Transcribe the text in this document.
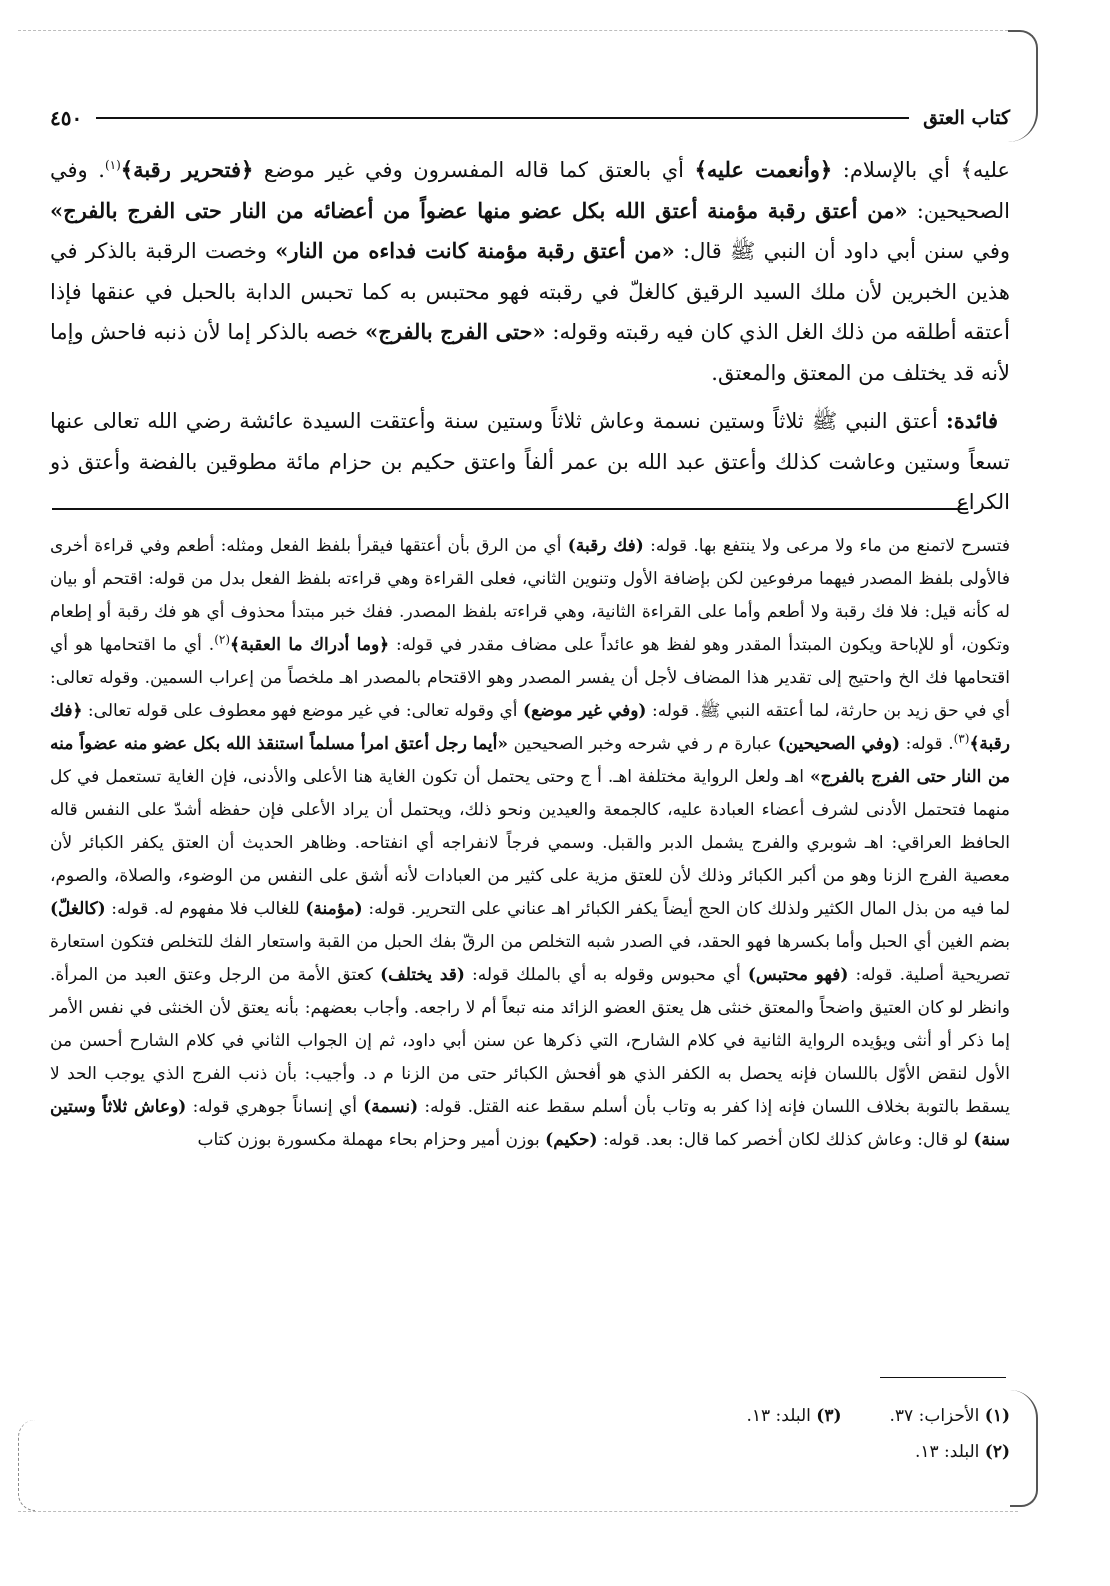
كتاب العتق
٤٥٠

عليه﴾ أي بالإسلام: ﴿وأنعمت عليه﴾ أي بالعتق كما قاله المفسرون وفي غير موضع ﴿فتحرير رقبة﴾$^{(١)}$. وفي الصحيحين: «من أعتق رقبة مؤمنة أعتق الله بكل عضو منها عضواً من أعضائه من النار حتى الفرج بالفرج» وفي سنن أبي داود أن النبي ﷺ قال: «من أعتق رقبة مؤمنة كانت فداءه من النار» وخصت الرقبة بالذكر في هذين الخبرين لأن ملك السيد الرقيق كالغلّ في رقبته فهو محتبس به كما تحبس الدابة بالحبل في عنقها فإذا أعتقه أطلقه من ذلك الغل الذي كان فيه رقبته وقوله: «حتى الفرج بالفرج» خصه بالذكر إما لأن ذنبه فاحش وإما لأنه قد يختلف من المعتق والمعتق.

فائدة: أعتق النبي ﷺ ثلاثاً وستين نسمة وعاش ثلاثاً وستين سنة وأعتقت السيدة عائشة رضي الله تعالى عنها تسعاً وستين وعاشت كذلك وأعتق عبد الله بن عمر ألفاً واعتق حكيم بن حزام مائة مطوقين بالفضة وأعتق ذو الكراع

فتسرح لاتمنع من ماء ولا مرعى ولا ينتفع بها. قوله: (فك رقبة) أي من الرق بأن أعتقها فيقرأ بلفظ الفعل ومثله: أطعم وفي قراءة أخرى فالأولى بلفظ المصدر فيهما مرفوعين لكن بإضافة الأول وتنوين الثاني، فعلى القراءة وهي قراءته بلفظ الفعل بدل من قوله: اقتحم أو بيان له كأنه قيل: فلا فك رقبة ولا أطعم وأما على القراءة الثانية، وهي قراءته بلفظ المصدر. ففك خبر مبتدأ محذوف أي هو فك رقبة أو إطعام وتكون، أو للإباحة ويكون المبتدأ المقدر وهو لفظ هو عائداً على مضاف مقدر في قوله: ﴿وما أدراك ما العقبة﴾$^{(٢)}$. أي ما اقتحامها هو أي اقتحامها فك الخ واحتيج إلى تقدير هذا المضاف لأجل أن يفسر المصدر وهو الاقتحام بالمصدر اهـ ملخصاً من إعراب السمين. وقوله تعالى: أي في حق زيد بن حارثة، لما أعتقه النبي ﷺ. قوله: (وفي غير موضع) أي وقوله تعالى: في غير موضع فهو معطوف على قوله تعالى: ﴿فك رقبة﴾$^{(٣)}$. قوله: (وفي الصحيحين) عبارة م ر في شرحه وخبر الصحيحين «أيما رجل أعتق امرأ مسلماً استنقذ الله بكل عضو منه عضواً منه من النار حتى الفرج بالفرج» اهـ ولعل الرواية مختلفة اهـ. أ ج وحتى يحتمل أن تكون الغاية هنا الأعلى والأدنى، فإن الغاية تستعمل في كل منهما فتحتمل الأدنى لشرف أعضاء العبادة عليه، كالجمعة والعيدين ونحو ذلك، ويحتمل أن يراد الأعلى فإن حفظه أشدّ على النفس قاله الحافظ العراقي: اهـ شوبري والفرج يشمل الدبر والقبل. وسمي فرجاً لانفراجه أي انفتاحه. وظاهر الحديث أن العتق يكفر الكبائر لأن معصية الفرج الزنا وهو من أكبر الكبائر وذلك لأن للعتق مزية على كثير من العبادات لأنه أشق على النفس من الوضوء، والصلاة، والصوم، لما فيه من بذل المال الكثير ولذلك كان الحج أيضاً يكفر الكبائر اهـ عناني على التحرير. قوله: (مؤمنة) للغالب فلا مفهوم له. قوله: (كالغلّ) بضم الغين أي الحبل وأما بكسرها فهو الحقد، في الصدر شبه التخلص من الرقّ بفك الحبل من القبة واستعار الفك للتخلص فتكون استعارة تصريحية أصلية. قوله: (فهو محتبس) أي محبوس وقوله به أي بالملك قوله: (قد يختلف) كعتق الأمة من الرجل وعتق العبد من المرأة. وانظر لو كان العتيق واضحاً والمعتق خنثى هل يعتق العضو الزائد منه تبعاً أم لا راجعه. وأجاب بعضهم: بأنه يعتق لأن الخنثى في نفس الأمر إما ذكر أو أنثى ويؤيده الرواية الثانية في كلام الشارح، التي ذكرها عن سنن أبي داود، ثم إن الجواب الثاني في كلام الشارح أحسن من الأول لنقض الأوّل باللسان فإنه يحصل به الكفر الذي هو أفحش الكبائر حتى من الزنا م د. وأجيب: بأن ذنب الفرج الذي يوجب الحد لا يسقط بالتوبة بخلاف اللسان فإنه إذا كفر به وتاب بأن أسلم سقط عنه القتل. قوله: (نسمة) أي إنساناً جوهري قوله: (وعاش ثلاثاً وستين سنة) لو قال: وعاش كذلك لكان أخصر كما قال: بعد. قوله: (حكيم) بوزن أمير وحزام بحاء مهملة مكسورة بوزن كتاب

(١) الأحزاب: ٣٧.
(٣) البلد: ١٣.
(٢) البلد: ١٣.
